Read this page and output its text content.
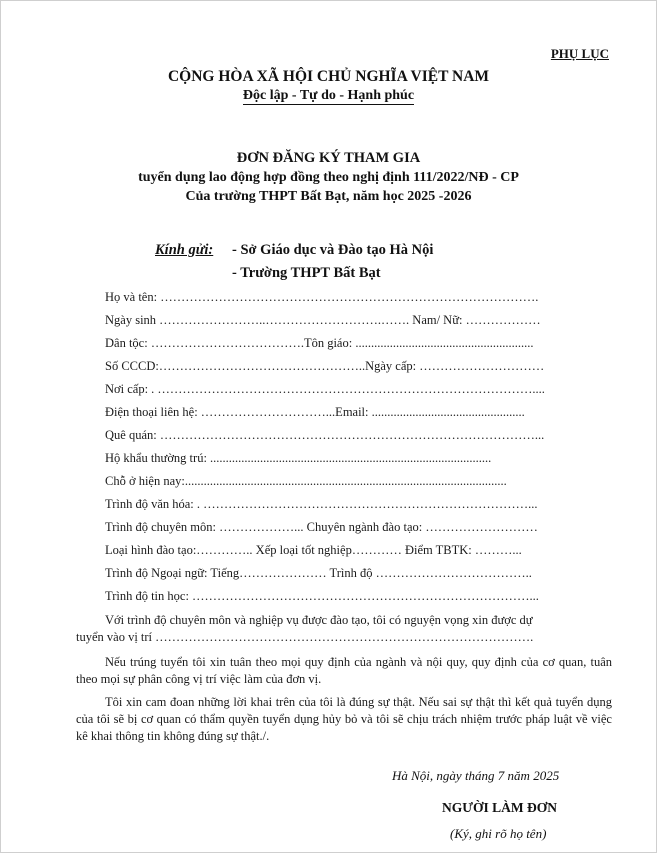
PHỤ LỤC
CỘNG HÒA XÃ HỘI CHỦ NGHĨA VIỆT NAM
Độc lập - Tự do - Hạnh phúc
ĐƠN ĐĂNG KÝ THAM GIA
tuyển dụng lao động hợp đồng theo nghị định 111/2022/NĐ - CP
Của trường THPT Bất Bạt, năm học 2025 -2026
Kính gửi: - Sở Giáo dục và Đào tạo Hà Nội
- Trường THPT Bất Bạt
Họ và tên: ……………………………………………………………………………….
Ngày sinh ……………………..……………………….……. Nam/ Nữ: ………………
Dân tộc: ……………………………….Tôn giáo: .........................................................
Số CCCD:…………………………………………..Ngày cấp: …………………………
Nơi cấp: . ………………………………………………………………………………....
Điện thoại liên hệ: …………………………...Email: .................................................
Quê quán: ………………………………………………………………………………...
Hộ khẩu thường trú: ..........................................................................................
Chỗ ở hiện nay:.......................................................................................................
Trình độ văn hóa: . ……………………………………………………………………...
Trình độ chuyên môn: ………………... Chuyên ngành đào tạo: ………………………
Loại hình đào tạo:………….. Xếp loại tốt nghiệp………… Điểm TBTK: ………...
Trình độ Ngoại ngữ: Tiếng………………… Trình độ ………………………………..
Trình độ tin học: ………………………………………………………………………...
Với trình độ chuyên môn và nghiệp vụ được đào tạo, tôi có nguyện vọng xin được dự
tuyển vào vị trí ……………………………………………………………………………….
Nếu trúng tuyển tôi xin tuân theo mọi quy định của ngành và nội quy, quy định của cơ quan, tuân theo mọi sự phân công vị trí việc làm của đơn vị.
Tôi xin cam đoan những lời khai trên của tôi là đúng sự thật. Nếu sai sự thật thì kết quả tuyển dụng của tôi sẽ bị cơ quan có thẩm quyền tuyển dụng hủy bỏ và tôi sẽ chịu trách nhiệm trước pháp luật về việc kê khai thông tin không đúng sự thật./.
Hà Nội, ngày tháng 7 năm 2025
NGƯỜI LÀM ĐƠN
(Ký, ghi rõ họ tên)
